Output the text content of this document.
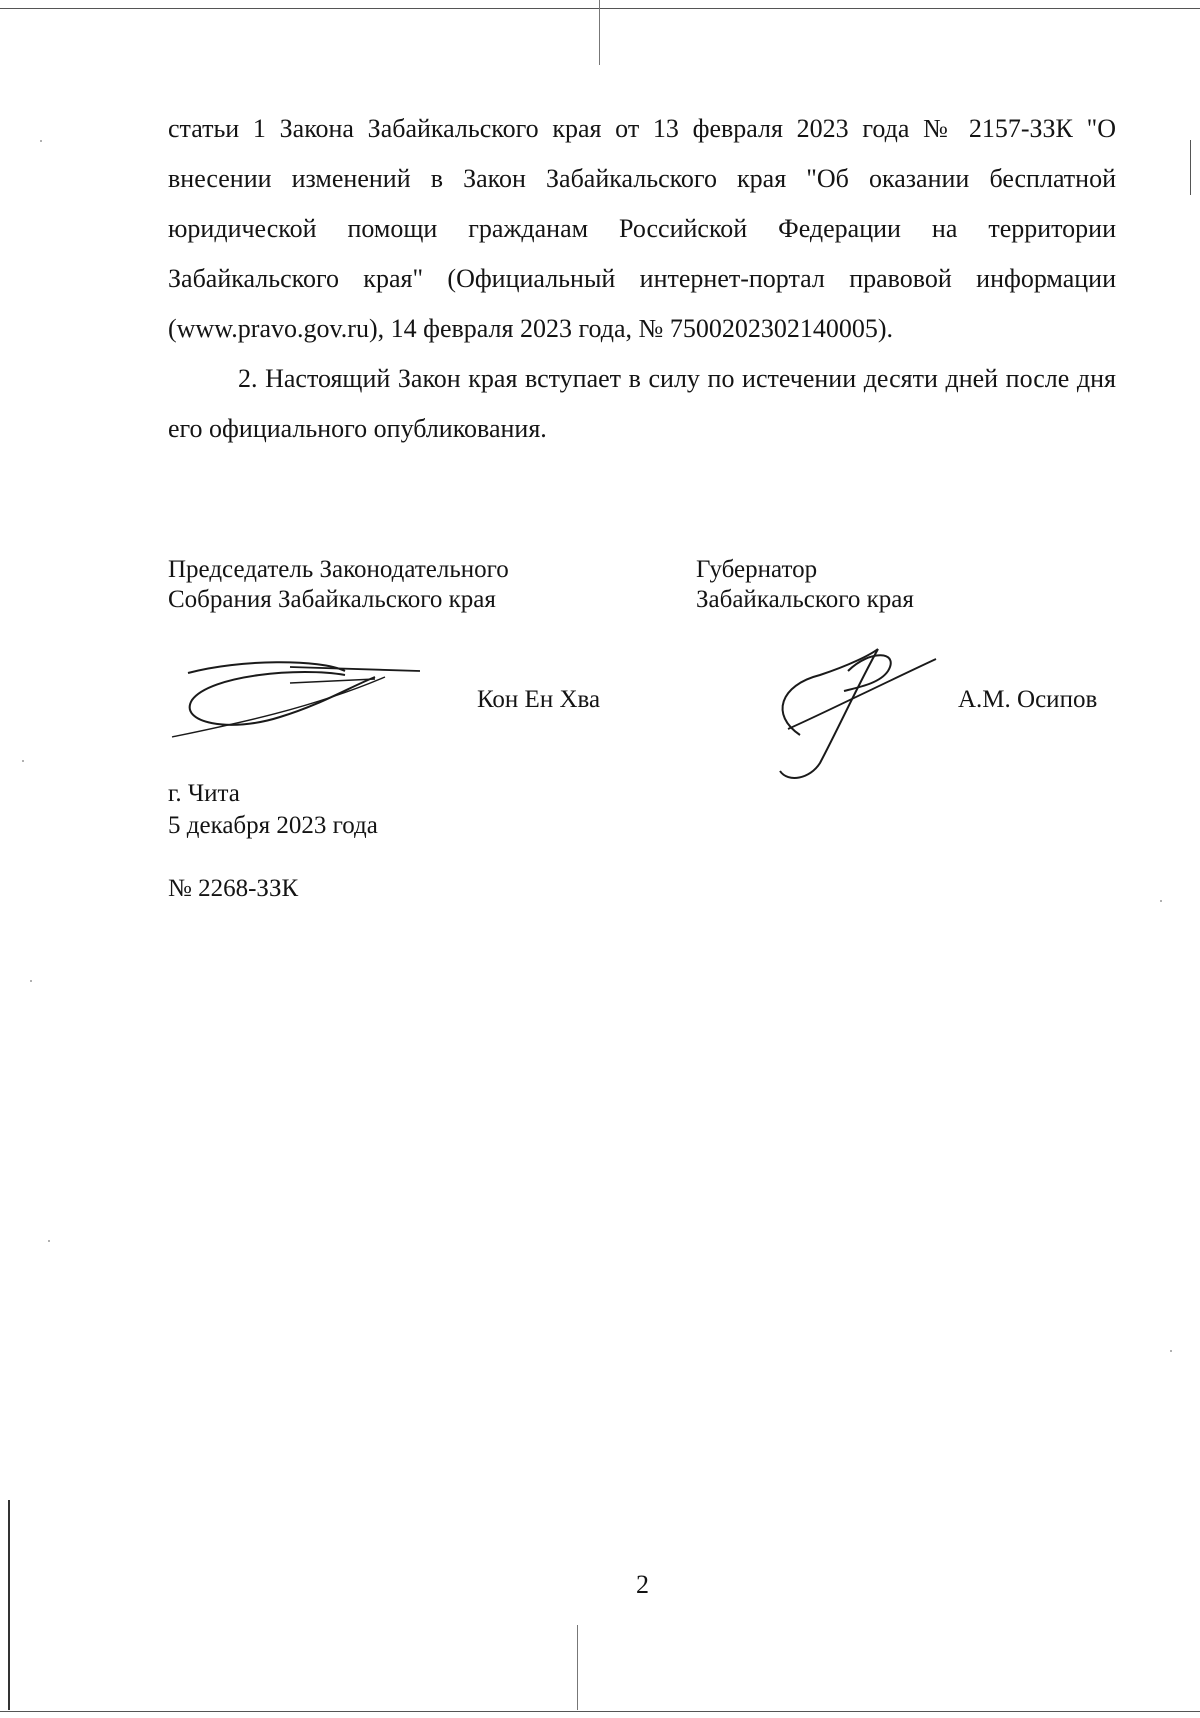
статьи 1 Закона Забайкальского края от 13 февраля 2023 года № 2157-ЗЗК "О внесении изменений в Закон Забайкальского края "Об оказании бесплатной юридической помощи гражданам Российской Федерации на территории Забайкальского края" (Официальный интернет-портал правовой информации (www.pravo.gov.ru), 14 февраля 2023 года, № 7500202302140005).

2. Настоящий Закон края вступает в силу по истечении десяти дней после дня его официального опубликования.

Председатель Законодательного
Собрания Забайкальского края
Губернатор
Забайкальского края
Кон Ен Хва	А.М. Осипов
г. Чита
5 декабря 2023 года
№ 2268-ЗЗК
2
